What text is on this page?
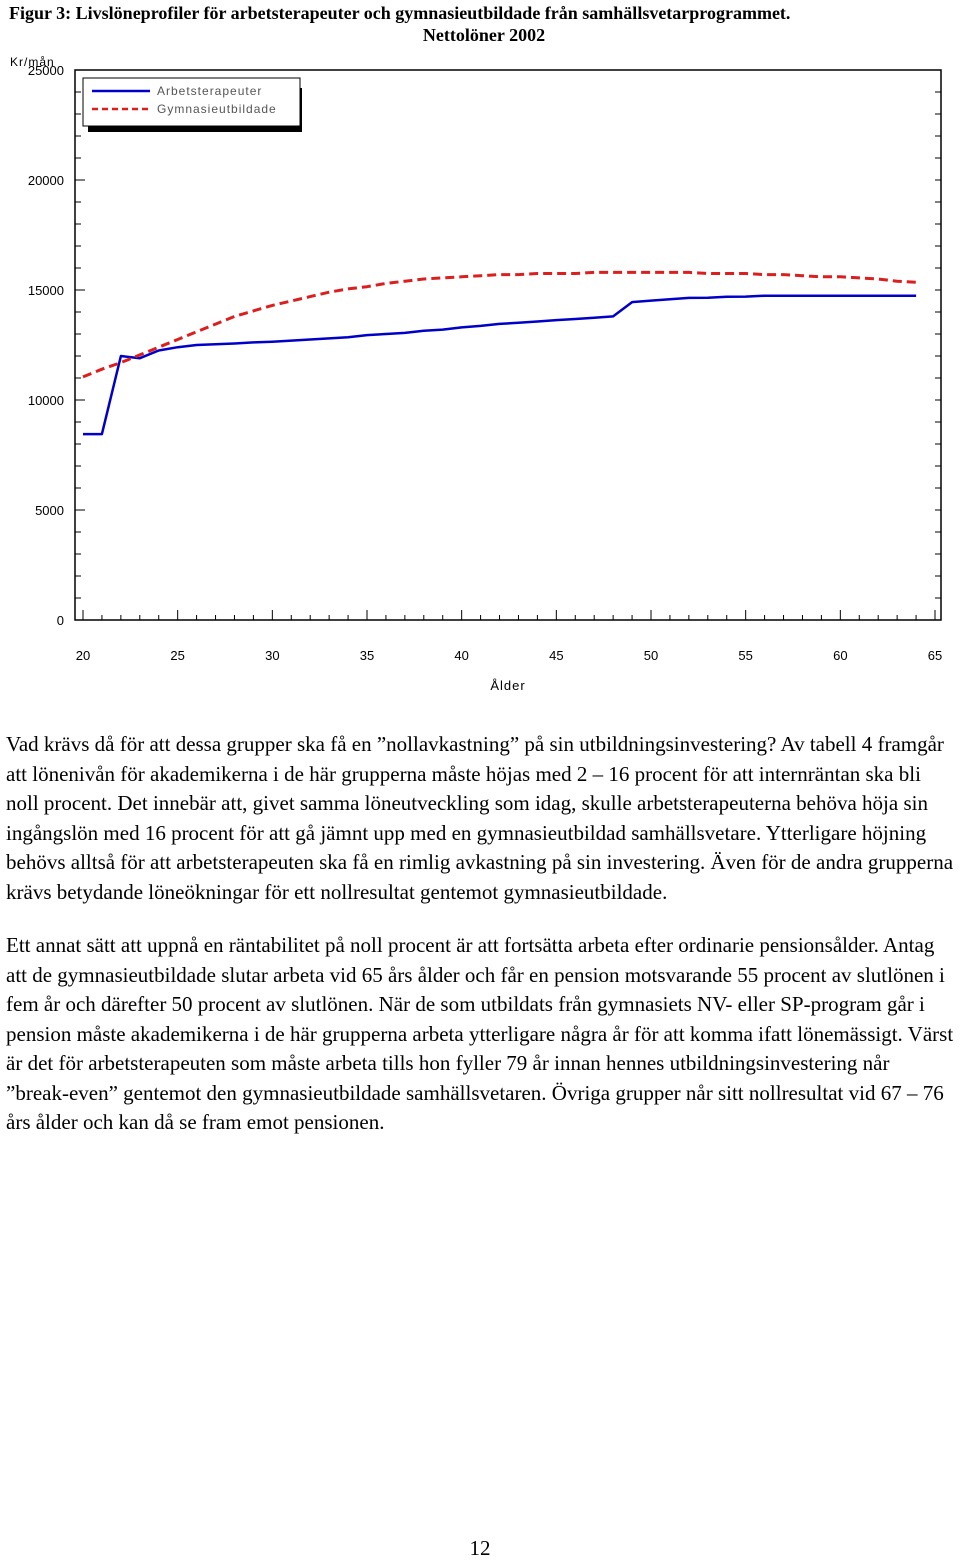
Figur 3: Livslöneprofiler för arbetsterapeuter och gymnasieutbildade från samhällsvetarprogrammet.
Nettolöner 2002
Kr/mån
0
5000
10000
15000
20000
25000
20	25	30	35	40	45	50	55	60	65
Arbetsterapeuter
Gymnasieutbildade
Ålder

Vad krävs då för att dessa grupper ska få en ”nollavkastning” på sin utbildningsinvestering? Av tabell 4 framgår att lönenivån för akademikerna i de här grupperna måste höjas med 2 – 16 procent för att internräntan ska bli noll procent. Det innebär att, givet samma löneutveckling som idag, skulle arbetsterapeuterna behöva höja sin ingångslön med 16 procent för att gå jämnt upp med en gymnasieutbildad samhällsvetare. Ytterligare höjning behövs alltså för att arbetsterapeuten ska få en rimlig avkastning på sin investering. Även för de andra grupperna krävs betydande löneökningar för ett nollresultat gentemot gymnasieutbildade.

Ett annat sätt att uppnå en räntabilitet på noll procent är att fortsätta arbeta efter ordinarie pensionsålder. Antag att de gymnasieutbildade slutar arbeta vid 65 års ålder och får en pension motsvarande 55 procent av slutlönen i fem år och därefter 50 procent av slutlönen. När de som utbildats från gymnasiets NV- eller SP-program går i pension måste akademikerna i de här grupperna arbeta ytterligare några år för att komma ifatt lönemässigt. Värst är det för arbetsterapeuten som måste arbeta tills hon fyller 79 år innan hennes utbildningsinvestering når ”break-even” gentemot den gymnasieutbildade samhällsvetaren. Övriga grupper når sitt nollresultat vid 67 – 76 års ålder och kan då se fram emot pensionen.

12
